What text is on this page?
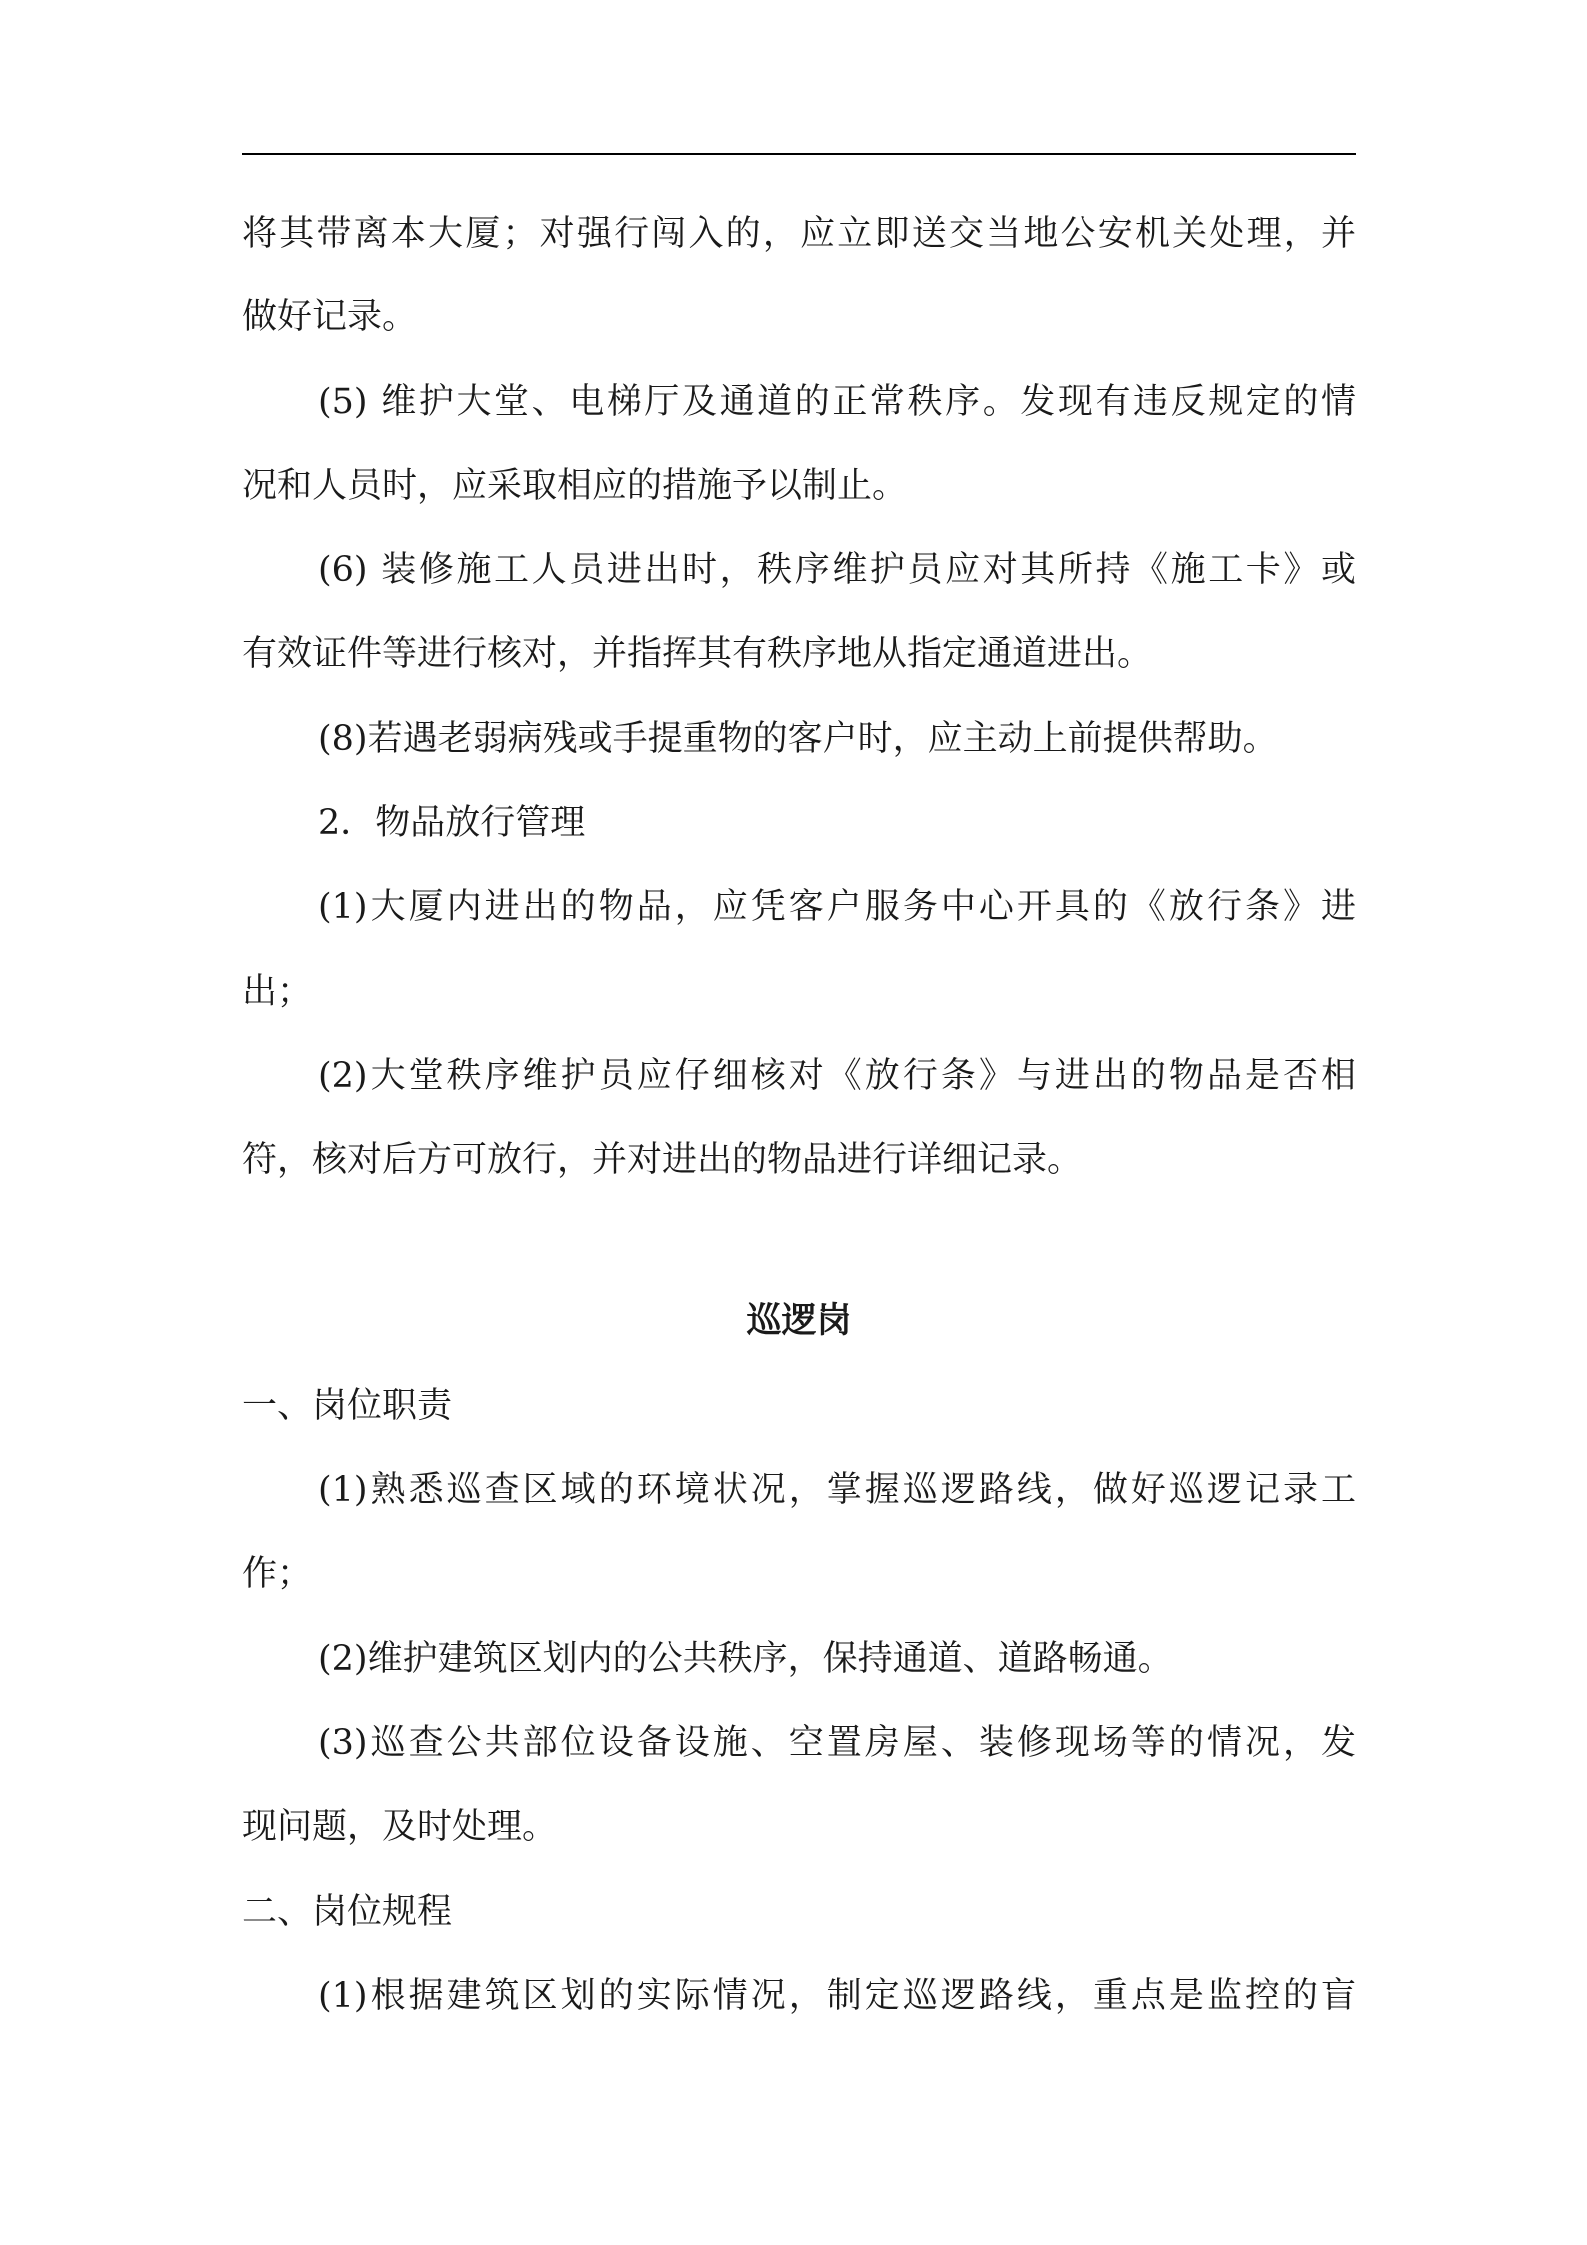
将其带离本大厦；对强行闯入的，应立即送交当地公安机关处理，并
做好记录。
(5) 维护大堂、电梯厅及通道的正常秩序。发现有违反规定的情
况和人员时，应采取相应的措施予以制止。
(6) 装修施工人员进出时，秩序维护员应对其所持《施工卡》或
有效证件等进行核对，并指挥其有秩序地从指定通道进出。
(8)若遇老弱病残或手提重物的客户时，应主动上前提供帮助。
2．物品放行管理
(1)大厦内进出的物品，应凭客户服务中心开具的《放行条》进
出；
(2)大堂秩序维护员应仔细核对《放行条》与进出的物品是否相
符，核对后方可放行，并对进出的物品进行详细记录。
巡逻岗
一、岗位职责
(1)熟悉巡查区域的环境状况，掌握巡逻路线，做好巡逻记录工
作；
(2)维护建筑区划内的公共秩序，保持通道、道路畅通。
(3)巡查公共部位设备设施、空置房屋、装修现场等的情况，发
现问题，及时处理。
二、岗位规程
(1)根据建筑区划的实际情况，制定巡逻路线，重点是监控的盲
